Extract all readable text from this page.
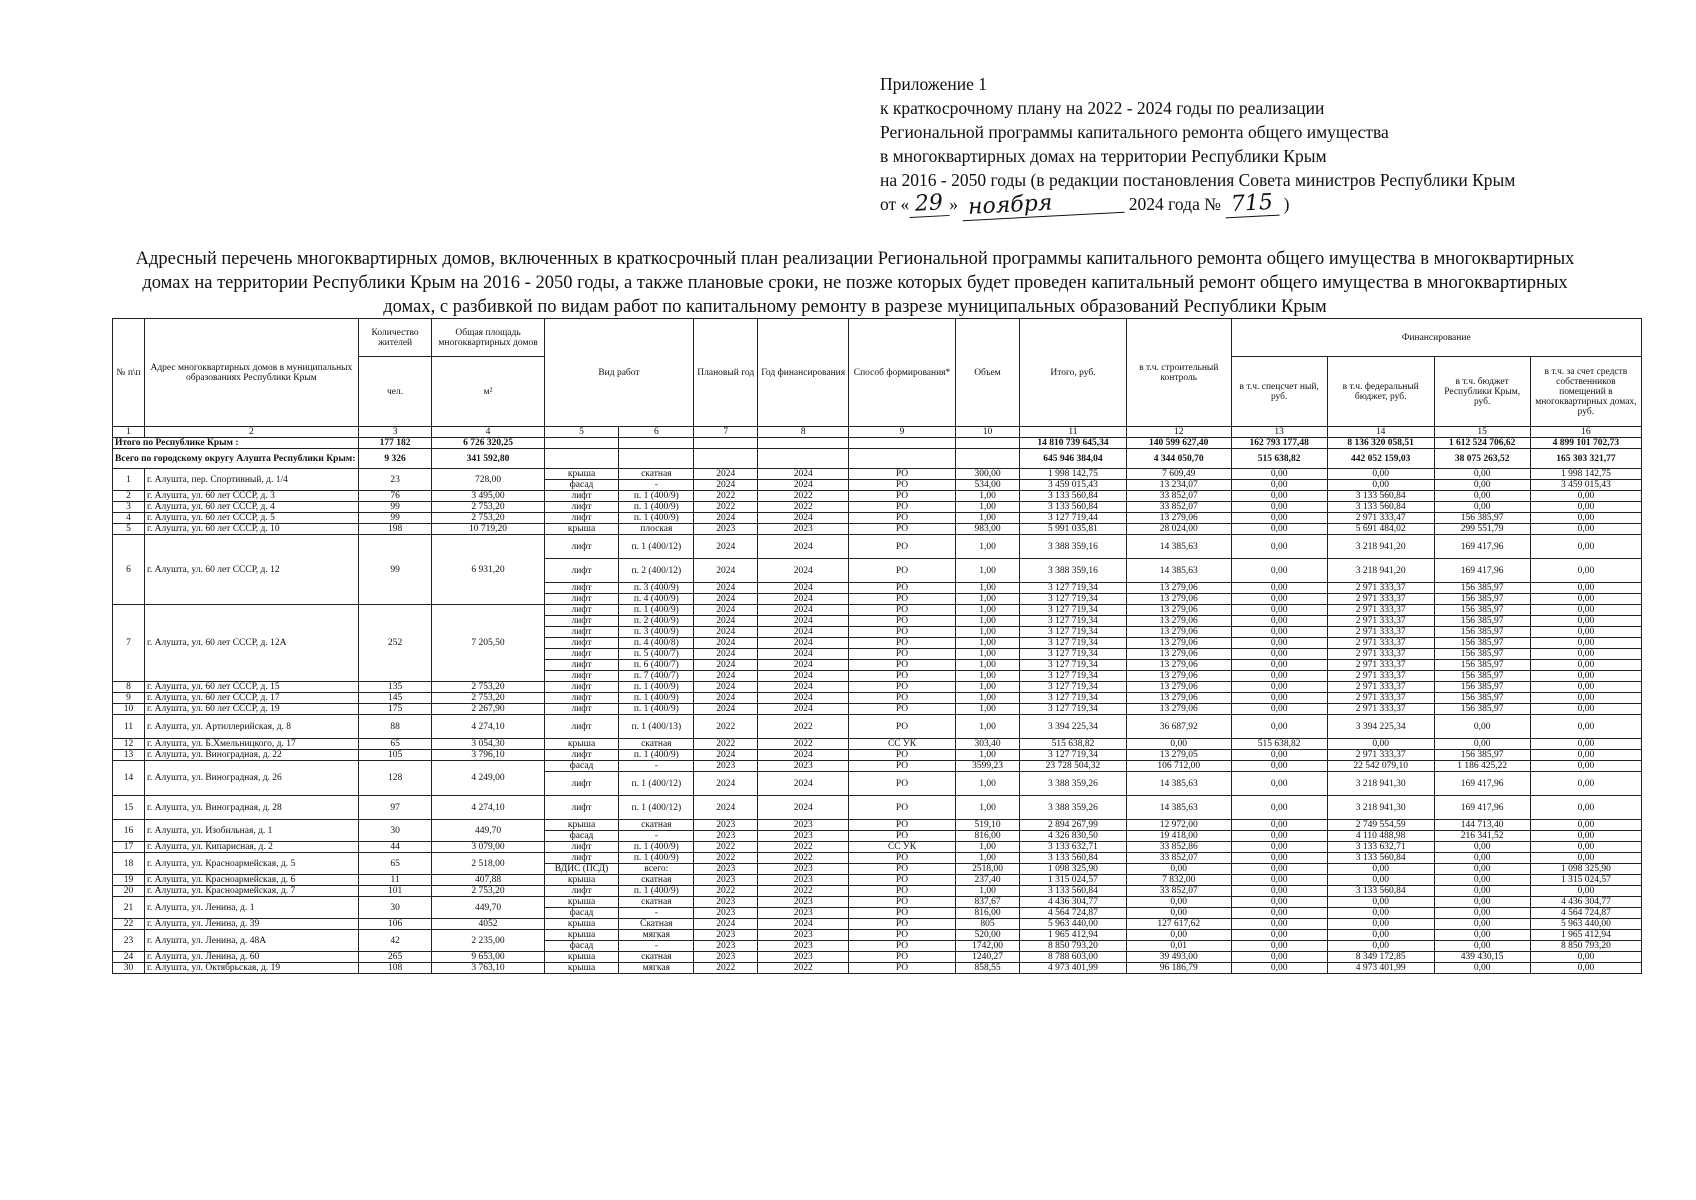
Приложение 1
к краткосрочному плану на 2022 - 2024 годы по реализации
Региональной программы капитального ремонта общего имущества
в многоквартирных домах на территории Республики Крым
на 2016 - 2050 годы (в редакции постановления Совета министров Республики Крым
от « 29 » ноября	2024 года № 715 )
Адресный перечень многоквартирных домов, включенных в краткосрочный план реализации Региональной программы капитального ремонта общего имущества в многоквартирных домах на территории Республики Крым на 2016 - 2050 годы, а также плановые сроки, не позже которых будет проведен капитальный ремонт общего имущества в многоквартирных домах, с разбивкой по видам работ по капитальному ремонту в разрезе муниципальных образований Республики Крым
№ п\п	Адрес многоквартирных домов в муниципальных образованиях Республики Крым	Количество жителей	Общая площадь многоквартирных домов	Вид работ		Плановый год	Год финансирования	Способ формирования*	Объем	Итого, руб.	в т.ч. строительный контроль	Финансирование			
		чел.	м²									в т.ч. спецсчет ный, руб.	в т.ч. федеральный бюджет, руб.	в т.ч. бюджет Республики Крым, руб.	в т.ч. за счет средств собственников помещений в многоквартирных домах, руб.
1	2	3	4	5	6	7	8	9	10	11	12	13	14	15	16
Итого по Республике Крым :		177 182	6 726 320,25							14 810 739 645,34	140 599 627,40	162 793 177,48	8 136 320 058,51	1 612 524 706,62	4 899 101 702,73
Всего по городскому округу Алушта Республики Крым:		9 326	341 592,80							645 946 384,04	4 344 050,70	515 638,82	442 052 159,03	38 075 263,52	165 303 321,77
1	г. Алушта, пер. Спортивный, д. 1/4	23	728,00	крыша	скатная	2024	2024	РО	300,00	1 998 142,75	7 609,49	0,00	0,00	0,00	1 998 142,75
				фасад	-	2024	2024	РО	534,00	3 459 015,43	13 234,07	0,00	0,00	0,00	3 459 015,43
2	г. Алушта, ул. 60 лет СССР, д. 3	76	3 495,00	лифт	п. 1 (400/9)	2022	2022	РО	1,00	3 133 560,84	33 852,07	0,00	3 133 560,84	0,00	0,00
3	г. Алушта, ул. 60 лет СССР, д. 4	99	2 753,20	лифт	п. 1 (400/9)	2022	2022	РО	1,00	3 133 560,84	33 852,07	0,00	3 133 560,84	0,00	0,00
4	г. Алушта, ул. 60 лет СССР, д. 5	99	2 753,20	лифт	п. 1 (400/9)	2024	2024	РО	1,00	3 127 719,44	13 279,06	0,00	2 971 333,47	156 385,97	0,00
5	г. Алушта, ул. 60 лет СССР, д. 10	198	10 719,20	крыша	плоская	2023	2023	РО	983,00	5 991 035,81	28 024,00	0,00	5 691 484,02	299 551,79	0,00
6	г. Алушта, ул. 60 лет СССР, д. 12	99	6 931,20	лифт	п. 1 (400/12)	2024	2024	РО	1,00	3 388 359,16	14 385,63	0,00	3 218 941,20	169 417,96	0,00
				лифт	п. 2 (400/12)	2024	2024	РО	1,00	3 388 359,16	14 385,63	0,00	3 218 941,20	169 417,96	0,00
				лифт	п. 3 (400/9)	2024	2024	РО	1,00	3 127 719,34	13 279,06	0,00	2 971 333,37	156 385,97	0,00
				лифт	п. 4 (400/9)	2024	2024	РО	1,00	3 127 719,34	13 279,06	0,00	2 971 333,37	156 385,97	0,00
7	г. Алушта, ул. 60 лет СССР, д. 12А	252	7 205,50	лифт	п. 1 (400/9)	2024	2024	РО	1,00	3 127 719,34	13 279,06	0,00	2 971 333,37	156 385,97	0,00
				лифт	п. 2 (400/9)	2024	2024	РО	1,00	3 127 719,34	13 279,06	0,00	2 971 333,37	156 385,97	0,00
				лифт	п. 3 (400/9)	2024	2024	РО	1,00	3 127 719,34	13 279,06	0,00	2 971 333,37	156 385,97	0,00
				лифт	п. 4 (400/8)	2024	2024	РО	1,00	3 127 719,34	13 279,06	0,00	2 971 333,37	156 385,97	0,00
				лифт	п. 5 (400/7)	2024	2024	РО	1,00	3 127 719,34	13 279,06	0,00	2 971 333,37	156 385,97	0,00
				лифт	п. 6 (400/7)	2024	2024	РО	1,00	3 127 719,34	13 279,06	0,00	2 971 333,37	156 385,97	0,00
				лифт	п. 7 (400/7)	2024	2024	РО	1,00	3 127 719,34	13 279,06	0,00	2 971 333,37	156 385,97	0,00
8	г. Алушта, ул. 60 лет СССР, д. 15	135	2 753,20	лифт	п. 1 (400/9)	2024	2024	РО	1,00	3 127 719,34	13 279,06	0,00	2 971 333,37	156 385,97	0,00
9	г. Алушта, ул. 60 лет СССР, д. 17	145	2 753,20	лифт	п. 1 (400/9)	2024	2024	РО	1,00	3 127 719,34	13 279,06	0,00	2 971 333,37	156 385,97	0,00
10	г. Алушта, ул. 60 лет СССР, д. 19	175	2 267,90	лифт	п. 1 (400/9)	2024	2024	РО	1,00	3 127 719,34	13 279,06	0,00	2 971 333,37	156 385,97	0,00
11	г. Алушта, ул. Артиллерийская, д. 8	88	4 274,10	лифт	п. 1 (400/13)	2022	2022	РО	1,00	3 394 225,34	36 687,92	0,00	3 394 225,34	0,00	0,00
12	г. Алушта, ул. Б.Хмельницкого, д. 17	65	3 054,30	крыша	скатная	2022	2022	СС УК	303,40	515 638,82	0,00	515 638,82	0,00	0,00	0,00
13	г. Алушта, ул. Виноградная, д. 22	105	3 796,10	лифт	п. 1 (400/9)	2024	2024	РО	1,00	3 127 719,34	13 279,05	0,00	2 971 333,37	156 385,97	0,00
14	г. Алушта, ул. Виноградная, д. 26	128	4 249,00	фасад	-	2023	2023	РО	3599,23	23 728 504,32	106 712,00	0,00	22 542 079,10	1 186 425,22	0,00
				лифт	п. 1 (400/12)	2024	2024	РО	1,00	3 388 359,26	14 385,63	0,00	3 218 941,30	169 417,96	0,00
15	г. Алушта, ул. Виноградная, д. 28	97	4 274,10	лифт	п. 1 (400/12)	2024	2024	РО	1,00	3 388 359,26	14 385,63	0,00	3 218 941,30	169 417,96	0,00
16	г. Алушта, ул. Изобильная, д. 1	30	449,70	крыша	скатная	2023	2023	РО	519,10	2 894 267,99	12 972,00	0,00	2 749 554,59	144 713,40	0,00
				фасад	-	2023	2023	РО	816,00	4 326 830,50	19 418,00	0,00	4 110 488,98	216 341,52	0,00
17	г. Алушта, ул. Кипарисная, д. 2	44	3 079,00	лифт	п. 1 (400/9)	2022	2022	СС УК	1,00	3 133 632,71	33 852,86	0,00	3 133 632,71	0,00	0,00
18	г. Алушта, ул. Красноармейская, д. 5	65	2 518,00	лифт	п. 1 (400/9)	2022	2022	РО	1,00	3 133 560,84	33 852,07	0,00	3 133 560,84	0,00	0,00
				ВДИС (ПСД)	всего:	2023	2023	РО	2518,00	1 098 325,90	0,00	0,00	0,00	0,00	1 098 325,90
19	г. Алушта, ул. Красноармейская, д. 6	11	407,88	крыша	скатная	2023	2023	РО	237,40	1 315 024,57	7 832,00	0,00	0,00	0,00	1 315 024,57
20	г. Алушта, ул. Красноармейская, д. 7	101	2 753,20	лифт	п. 1 (400/9)	2022	2022	РО	1,00	3 133 560,84	33 852,07	0,00	3 133 560,84	0,00	0,00
21	г. Алушта, ул. Ленина, д. 1	30	449,70	крыша	скатная	2023	2023	РО	837,67	4 436 304,77	0,00	0,00	0,00	0,00	4 436 304,77
				фасад	-	2023	2023	РО	816,00	4 564 724,87	0,00	0,00	0,00	0,00	4 564 724,87
22	г. Алушта, ул. Ленина, д. 39	106	4052	крыша	Скатная	2024	2024	РО	805	5 963 440,00	127 617,62	0,00	0,00	0,00	5 963 440,00
23	г. Алушта, ул. Ленина, д. 48А	42	2 235,00	крыша	мягкая	2023	2023	РО	520,00	1 965 412,94	0,00	0,00	0,00	0,00	1 965 412,94
				фасад	-	2023	2023	РО	1742,00	8 850 793,20	0,01	0,00	0,00	0,00	8 850 793,20
24	г. Алушта, ул. Ленина, д. 60	265	9 653,00	крыша	скатная	2023	2023	РО	1240,27	8 788 603,00	39 493,00	0,00	8 349 172,85	439 430,15	0,00
30	г. Алушта, ул. Октябрьская, д. 19	108	3 763,10	крыша	мягкая	2022	2022	РО	858,55	4 973 401,99	96 186,79	0,00	4 973 401,99	0,00	0,00
